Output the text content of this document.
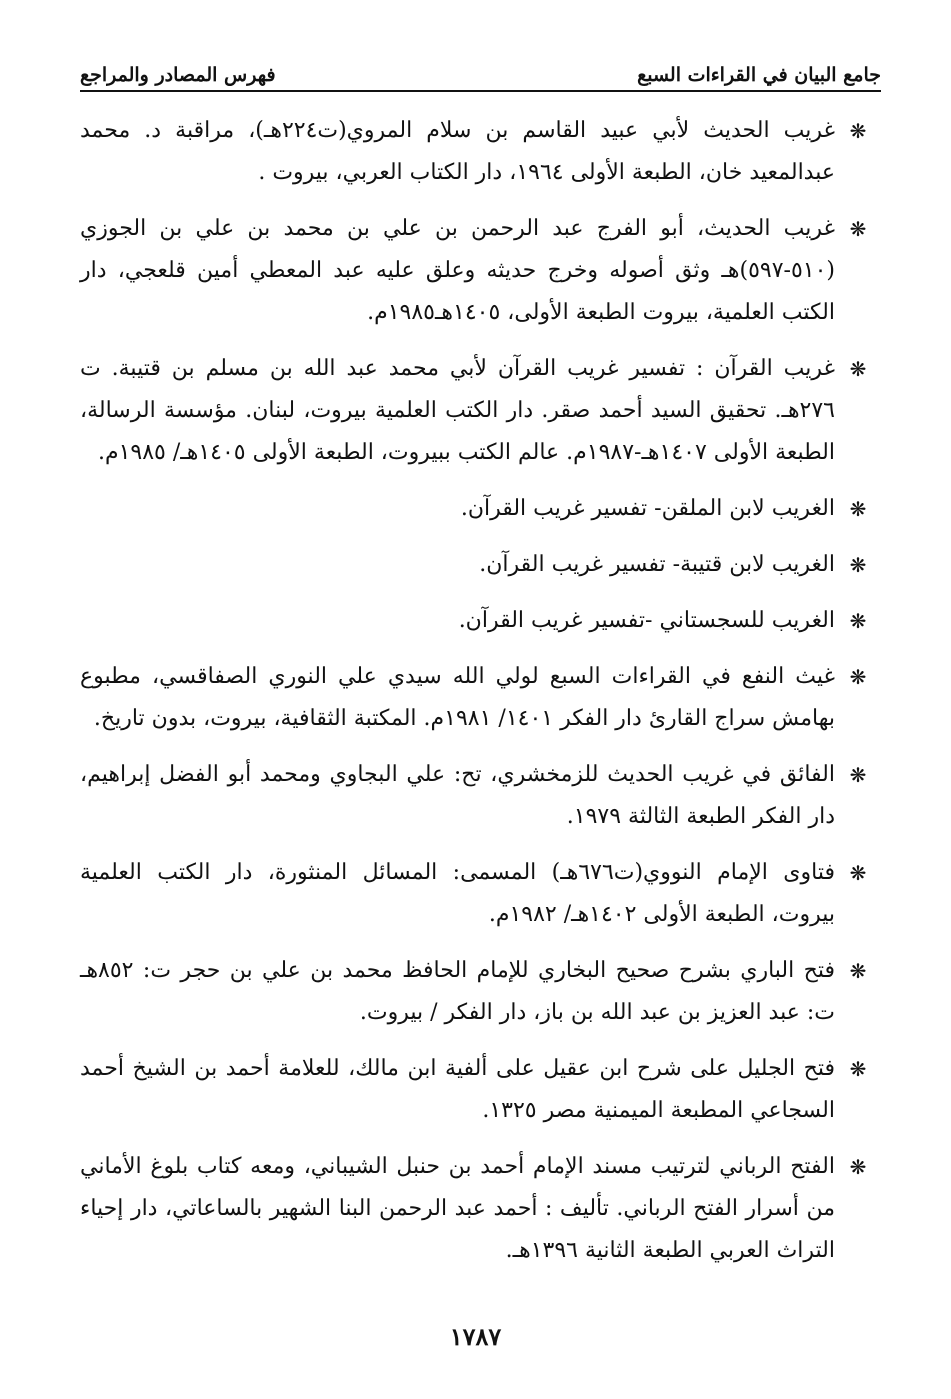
جامع البيان في القراءات السبع
فهرس المصادر والمراجع
❋
غريب الحديث لأبي عبيد القاسم بن سلام المروي(ت٢٢٤هـ)، مراقبة د. محمد عبدالمعيد خان، الطبعة الأولى ١٩٦٤، دار الكتاب العربي، بيروت .
❋
غريب الحديث، أبو الفرج عبد الرحمن بن علي بن محمد بن علي بن الجوزي (٥١٠-٥٩٧)هـ وثق أصوله وخرج حديثه وعلق عليه عبد المعطي أمين قلعجي، دار الكتب العلمية، بيروت الطبعة الأولى، ١٤٠٥هـ١٩٨٥م.
❋
غريب القرآن : تفسير غريب القرآن لأبي محمد عبد الله بن مسلم بن قتيبة. ت ٢٧٦هـ. تحقيق السيد أحمد صقر. دار الكتب العلمية بيروت، لبنان. مؤسسة الرسالة، الطبعة الأولى ١٤٠٧هـ-١٩٨٧م. عالم الكتب ببيروت، الطبعة الأولى ١٤٠٥هـ/ ١٩٨٥م.
❋
الغريب لابن الملقن- تفسير غريب القرآن.
❋
الغريب لابن قتيبة- تفسير غريب القرآن.
❋
الغريب للسجستاني -تفسير غريب القرآن.
❋
غيث النفع في القراءات السبع لولي الله سيدي علي النوري الصفاقسي، مطبوع بهامش سراج القارئ دار الفكر ١٤٠١/ ١٩٨١م. المكتبة الثقافية، بيروت، بدون تاريخ.
❋
الفائق في غريب الحديث للزمخشري، تح: علي البجاوي ومحمد أبو الفضل إبراهيم، دار الفكر الطبعة الثالثة ١٩٧٩.
❋
فتاوى الإمام النووي(ت٦٧٦هـ) المسمى: المسائل المنثورة، دار الكتب العلمية بيروت، الطبعة الأولى ١٤٠٢هـ/ ١٩٨٢م.
❋
فتح الباري بشرح صحيح البخاري للإمام الحافظ محمد بن علي بن حجر ت: ٨٥٢هـ ت: عبد العزيز بن عبد الله بن باز، دار الفكر / بيروت.
❋
فتح الجليل على شرح ابن عقيل على ألفية ابن مالك، للعلامة أحمد بن الشيخ أحمد السجاعي المطبعة الميمنية مصر ١٣٢٥.
❋
الفتح الرباني لترتيب مسند الإمام أحمد بن حنبل الشيباني، ومعه كتاب بلوغ الأماني من أسرار الفتح الرباني. تأليف : أحمد عبد الرحمن البنا الشهير بالساعاتي، دار إحياء التراث العربي الطبعة الثانية ١٣٩٦هـ.
١٧٨٧
